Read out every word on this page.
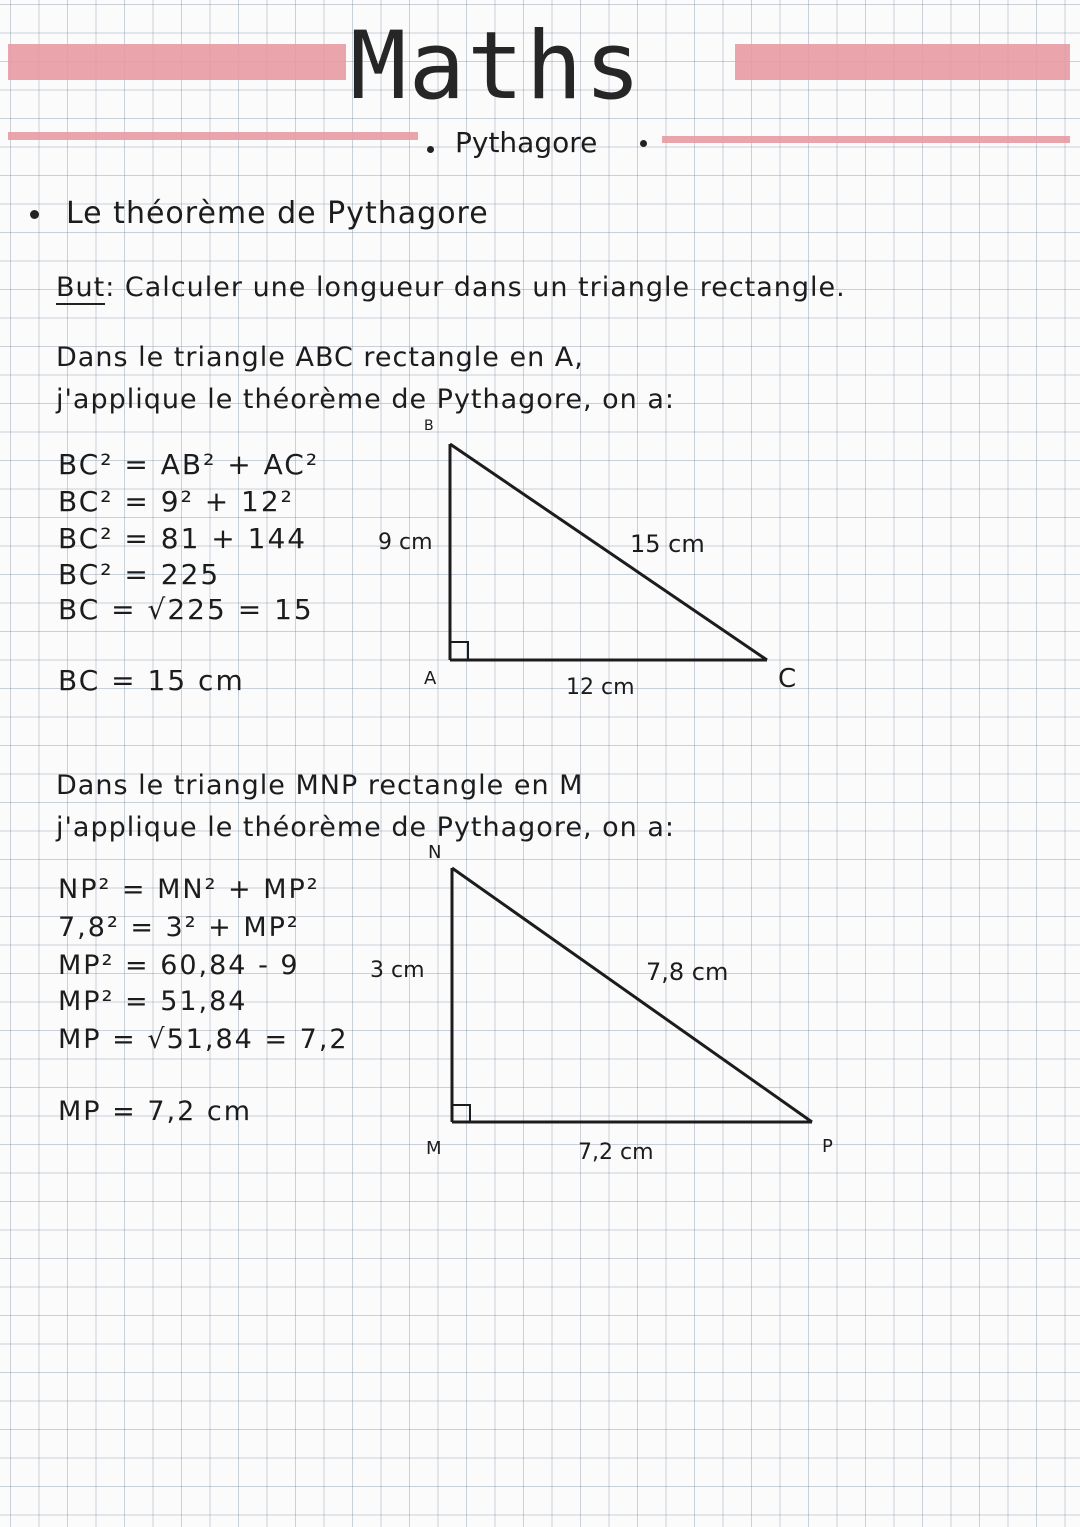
Maths
Pythagore
Le théorème de Pythagore
But: Calculer une longueur dans un triangle rectangle.
Dans le triangle ABC rectangle en A,
j'applique le théorème de Pythagore, on a:
BC² = AB² + AC²
BC² = 9² + 12²
BC² = 81 + 144
BC² = 225
BC = √225 = 15
BC = 15 cm
B
A	C
9 cm	15 cm
12 cm
Dans le triangle MNP rectangle en M
j'applique le théorème de Pythagore, on a:
NP² = MN² + MP²
7,8² = 3² + MP²
MP² = 60,84 - 9
MP² = 51,84
MP = √51,84 = 7,2
MP = 7,2 cm
N
M	P
3 cm	7,8 cm
7,2 cm
